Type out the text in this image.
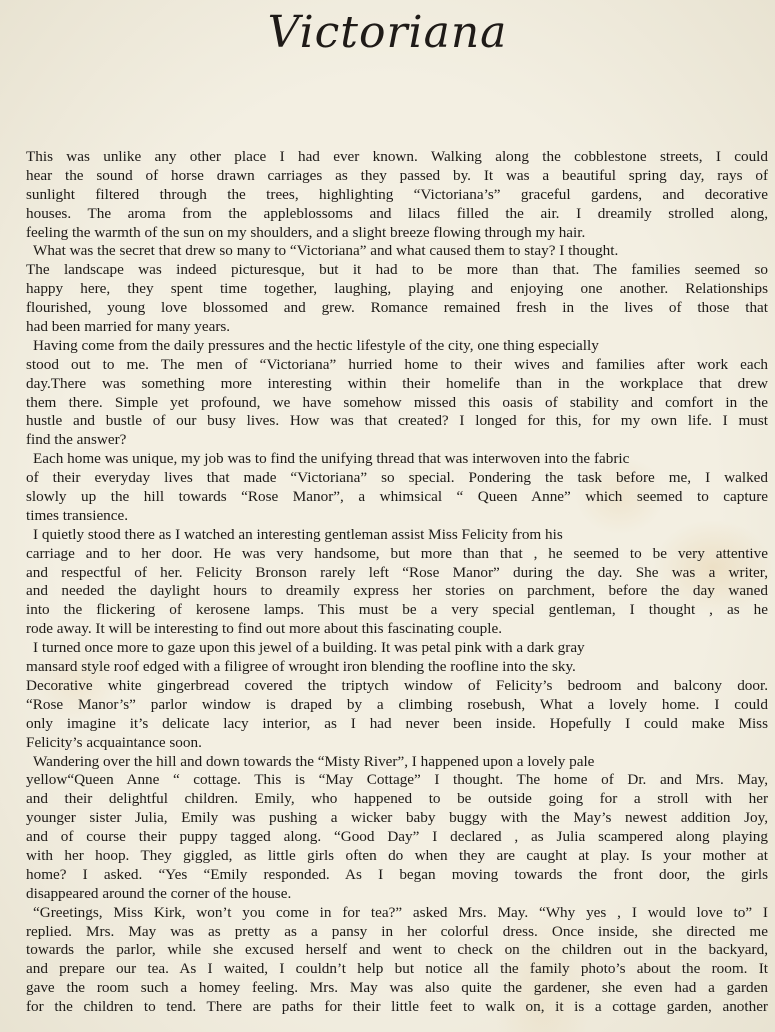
Victoriana
This was unlike any other place I had ever known. Walking along the cobblestone streets, I could
hear the sound of horse drawn carriages as they passed by. It was a beautiful spring day, rays of
sunlight filtered through the trees, highlighting “Victoriana’s” graceful gardens, and decorative
houses. The aroma from the appleblossoms and lilacs filled the air. I dreamily strolled along,
feeling the warmth of the sun on my shoulders, and a slight breeze flowing through my hair.
What was the secret that drew so many to “Victoriana” and what caused them to stay? I thought.
The landscape was indeed picturesque, but it had to be more than that. The families seemed so
happy here, they spent time together, laughing, playing and enjoying one another. Relationships
flourished, young love blossomed and grew. Romance remained fresh in the lives of those that
had been married for many years.
Having come from the daily pressures and the hectic lifestyle of the city, one thing especially
stood out to me. The men of “Victoriana” hurried home to their wives and families after work each
day.There was something more interesting within their homelife than in the workplace that drew
them there. Simple yet profound, we have somehow missed this oasis of stability and comfort in the
hustle and bustle of our busy lives. How was that created? I longed for this, for my own life. I must
find the answer?
Each home was unique, my job was to find the unifying thread that was interwoven into the fabric
of their everyday lives that made “Victoriana” so special. Pondering the task before me, I walked
slowly up the hill towards “Rose Manor”, a whimsical “ Queen Anne” which seemed to capture
times transience.
I quietly stood there as I watched an interesting gentleman assist Miss Felicity from his
carriage and to her door. He was very handsome, but more than that , he seemed to be very attentive
and respectful of her. Felicity Bronson rarely left “Rose Manor” during the day. She was a writer,
and needed the daylight hours to dreamily express her stories on parchment, before the day waned
into the flickering of kerosene lamps. This must be a very special gentleman, I thought , as he
rode away. It will be interesting to find out more about this fascinating couple.
I turned once more to gaze upon this jewel of a building. It was petal pink with a dark gray
mansard style roof edged with a filigree of wrought iron blending the roofline into the sky.
Decorative white gingerbread covered the triptych window of Felicity’s bedroom and balcony door.
“Rose Manor’s” parlor window is draped by a climbing rosebush, What a lovely home. I could
only imagine it’s delicate lacy interior, as I had never been inside. Hopefully I could make Miss
Felicity’s acquaintance soon.
Wandering over the hill and down towards the “Misty River”, I happened upon a lovely pale
yellow“Queen Anne “ cottage. This is “May Cottage” I thought. The home of Dr. and Mrs. May,
and their delightful children. Emily, who happened to be outside going for a stroll with her
younger sister Julia, Emily was pushing a wicker baby buggy with the May’s newest addition Joy,
and of course their puppy tagged along. “Good Day” I declared , as Julia scampered along playing
with her hoop. They giggled, as little girls often do when they are caught at play. Is your mother at
home? I asked. “Yes “Emily responded. As I began moving towards the front door, the girls
disappeared around the corner of the house.
“Greetings, Miss Kirk, won’t you come in for tea?” asked Mrs. May. “Why yes , I would love to” I
replied. Mrs. May was as pretty as a pansy in her colorful dress. Once inside, she directed me
towards the parlor, while she excused herself and went to check on the children out in the backyard,
and prepare our tea. As I waited, I couldn’t help but notice all the family photo’s about the room. It
gave the room such a homey feeling. Mrs. May was also quite the gardener, she even had a garden
for the children to tend. There are paths for their little feet to walk on, it is a cottage garden, another
